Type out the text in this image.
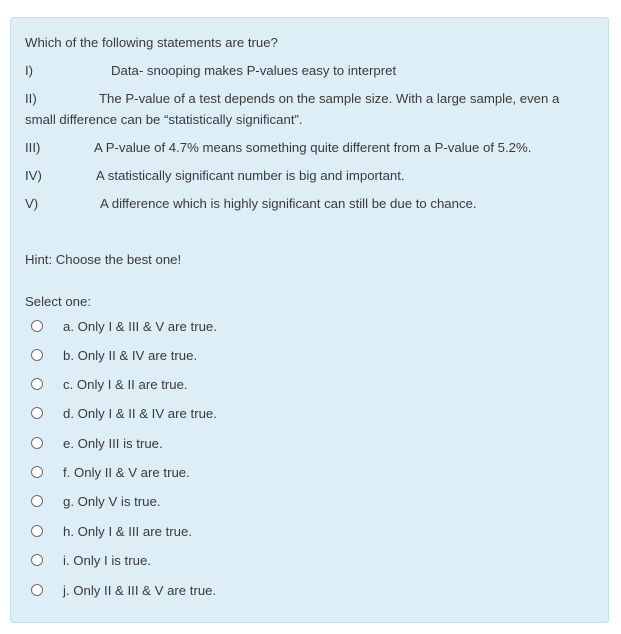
Which of the following statements are true?
I)	Data- snooping makes P-values easy to interpret
II)	The P-value of a test depends on the sample size. With a large sample, even a
small difference can be “statistically significant”.
III)	A P-value of 4.7% means something quite different from a P-value of 5.2%.
IV)	A statistically significant number is big and important.
V)	A difference which is highly significant can still be due to chance.
Hint: Choose the best one!
Select one:
a. Only I & III & V are true.
b. Only II & IV are true.
c. Only I & II are true.
d. Only I & II & IV are true.
e. Only III is true.
f. Only II & V are true.
g. Only V is true.
h. Only I & III are true.
i. Only I is true.
j. Only II & III & V are true.
